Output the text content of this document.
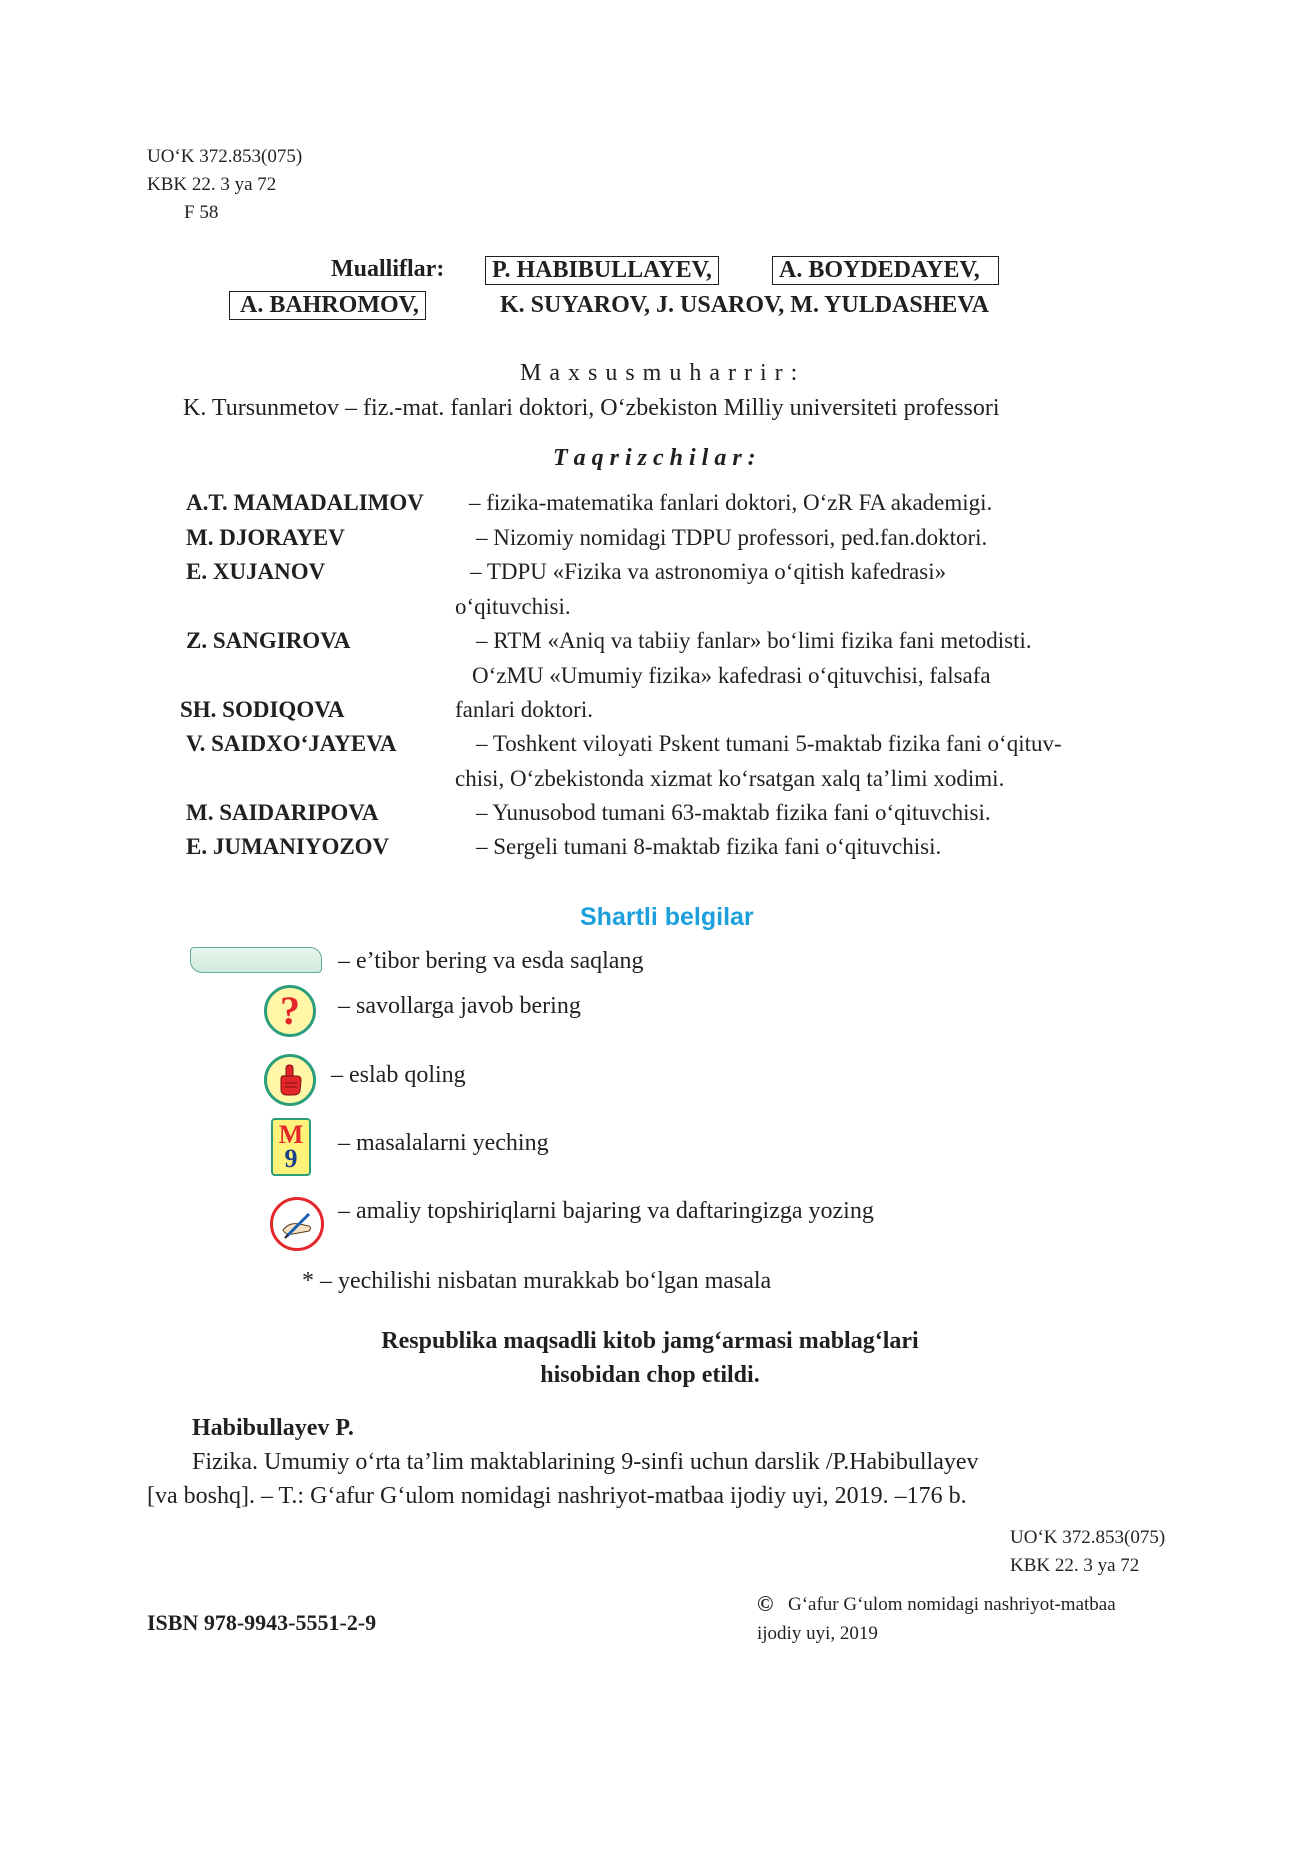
UO‘K 372.853(075)
KBK 22. 3 ya 72
F 58
Mualliflar: P. HABIBULLAYEV,	A. BOYDEDAYEV,
A. BAHROMOV,	K. SUYAROV, J. USAROV, M. YULDASHEVA
M a x s u s m u h a r r i r :
K. Tursunmetov – fiz.-mat. fanlari doktori, O‘zbekiston Milliy universiteti professori
T a q r i z c h i l a r :
A.T. MAMADALIMOV – fizika-matematika fanlari doktori, O‘zR FA akademigi.
M. DJORAYEV	– Nizomiy nomidagi TDPU professori, ped.fan.doktori.
E. XUJANOV	– TDPU «Fizika va astronomiya o‘qitish kafedrasi»
o‘qituvchisi.
Z. SANGIROVA	– RTM «Aniq va tabiiy fanlar» bo‘limi fizika fani metodisti.
O‘zMU «Umumiy fizika» kafedrasi o‘qituvchisi, falsafa
SH. SODIQOVA	fanlari doktori.
V. SAIDXO‘JAYEVA	– Toshkent viloyati Pskent tumani 5-maktab fizika fani o‘qituv-
chisi, O‘zbekistonda xizmat ko‘rsatgan xalq ta’limi xodimi.
M. SAIDARIPOVA	– Yunusobod tumani 63-maktab fizika fani o‘qituvchisi.
E. JUMANIYOZOV	– Sergeli tumani 8-maktab fizika fani o‘qituvchisi.
Shartli belgilar
– e’tibor bering va esda saqlang
? – savollarga javob bering
– eslab qoling
M
9
– masalalarni yeching
– amaliy topshiriqlarni bajaring va daftaringizga yozing
* – yechilishi nisbatan murakkab bo‘lgan masala
Respublika maqsadli kitob jamg‘armasi mablag‘lari
hisobidan chop etildi.
Habibullayev P.
Fizika. Umumiy o‘rta ta’lim maktablarining 9-sinfi uchun darslik /P.Habibullayev
[va boshq]. – T.: G‘afur G‘ulom nomidagi nashriyot-matbaa ijodiy uyi, 2019. –176 b.
UO‘K 372.853(075)
KBK 22. 3 ya 72
© G‘afur G‘ulom nomidagi nashriyot-matbaa
ijodiy uyi, 2019
ISBN 978-9943-5551-2-9
